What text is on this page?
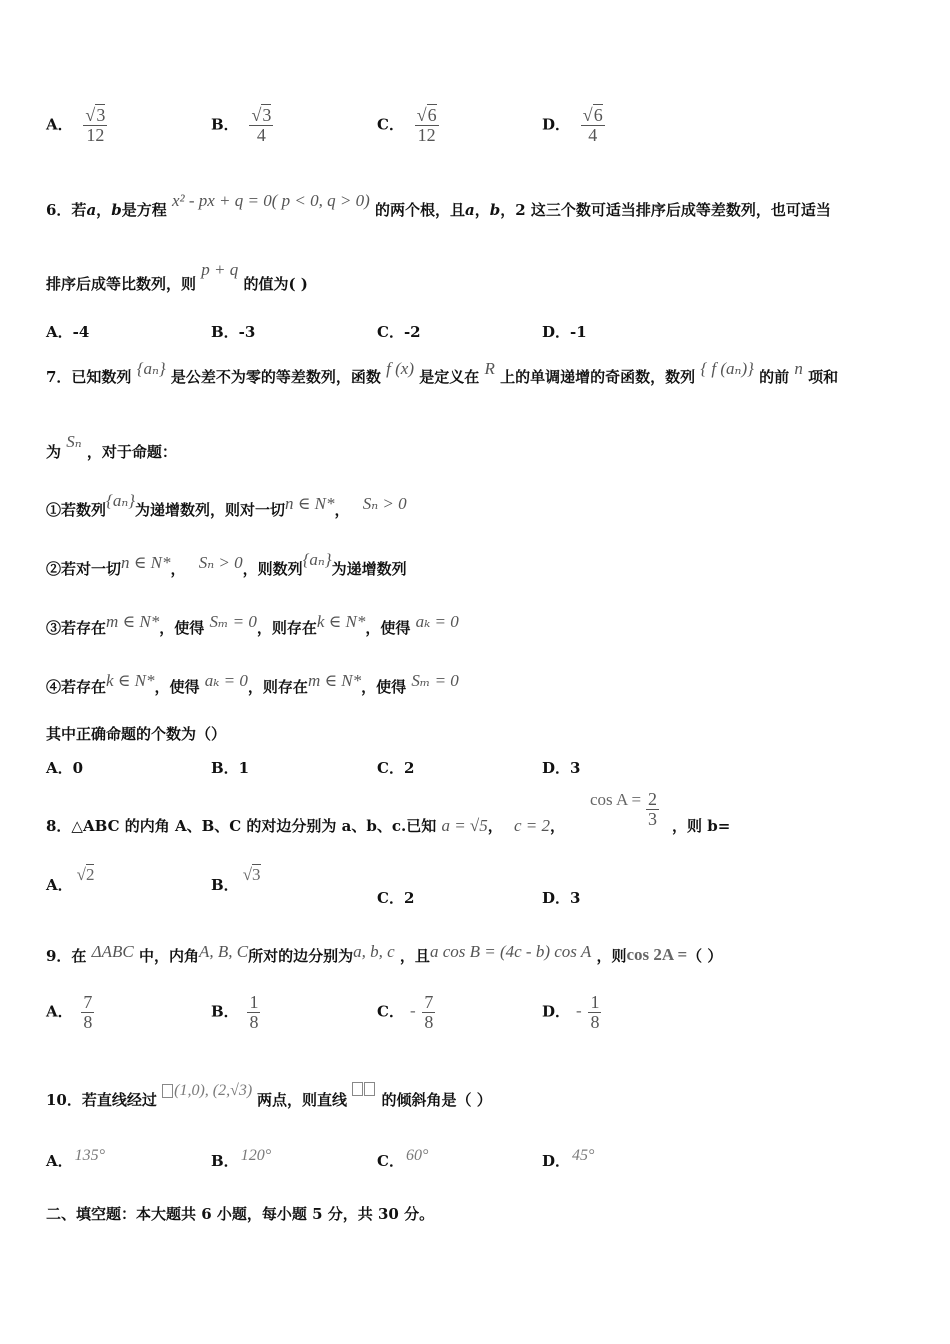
A． $\frac{√3}{12}$	B． $\frac{√3}{4}$	C． $\frac{√6}{12}$	D． $\frac{√6}{4}$
6．若a，b是方程 x² - px + q = 0( p < 0, q > 0) 的两个根，且a，b，2 这三个数可适当排序后成等差数列，也可适当
排序后成等比数列，则 p + q 的值为( )
A．-4	B．-3	C．-2	D．-1
7．已知数列 {aₙ} 是公差不为零的等差数列，函数 f (x) 是定义在 R 上的单调递增的奇函数，数列 { f (aₙ)} 的前 n 项和
为 Sₙ ，对于命题：
①若数列{aₙ}为递增数列，则对一切n ∈ N*， Sₙ > 0
②若对一切n ∈ N*， Sₙ > 0，则数列{aₙ}为递增数列
③若存在m ∈ N*，使得 Sₘ = 0，则存在k ∈ N*，使得 aₖ = 0
④若存在k ∈ N*，使得 aₖ = 0，则存在m ∈ N*，使得 Sₘ = 0
其中正确命题的个数为（）
A．0	B．1	C．2	D．3
8．△ABC 的内角 A、B、C 的对边分别为 a、b、c.已知 a = √5， c = 2，
$\cos A = \frac{2}{3}$ ，则 b=
A．√2
B．√3
C．2	D．3
9．在 ΔABC 中，内角A, B, C所对的边分别为a, b, c ，且a cos B = (4c - b) cos A ，则cos 2A =（ ）
A． $\frac{7}{8}$	B． $\frac{1}{8}$	C． - $\frac{7}{8}$	D． - $\frac{1}{8}$
10．若直线经过 (1,0), (2,√3) 两点，则直线 的倾斜角是（ ）
A． 135°	B． 120°	C． 60°	D． 45°
二、填空题：本大题共 6 小题，每小题 5 分，共 30 分。
